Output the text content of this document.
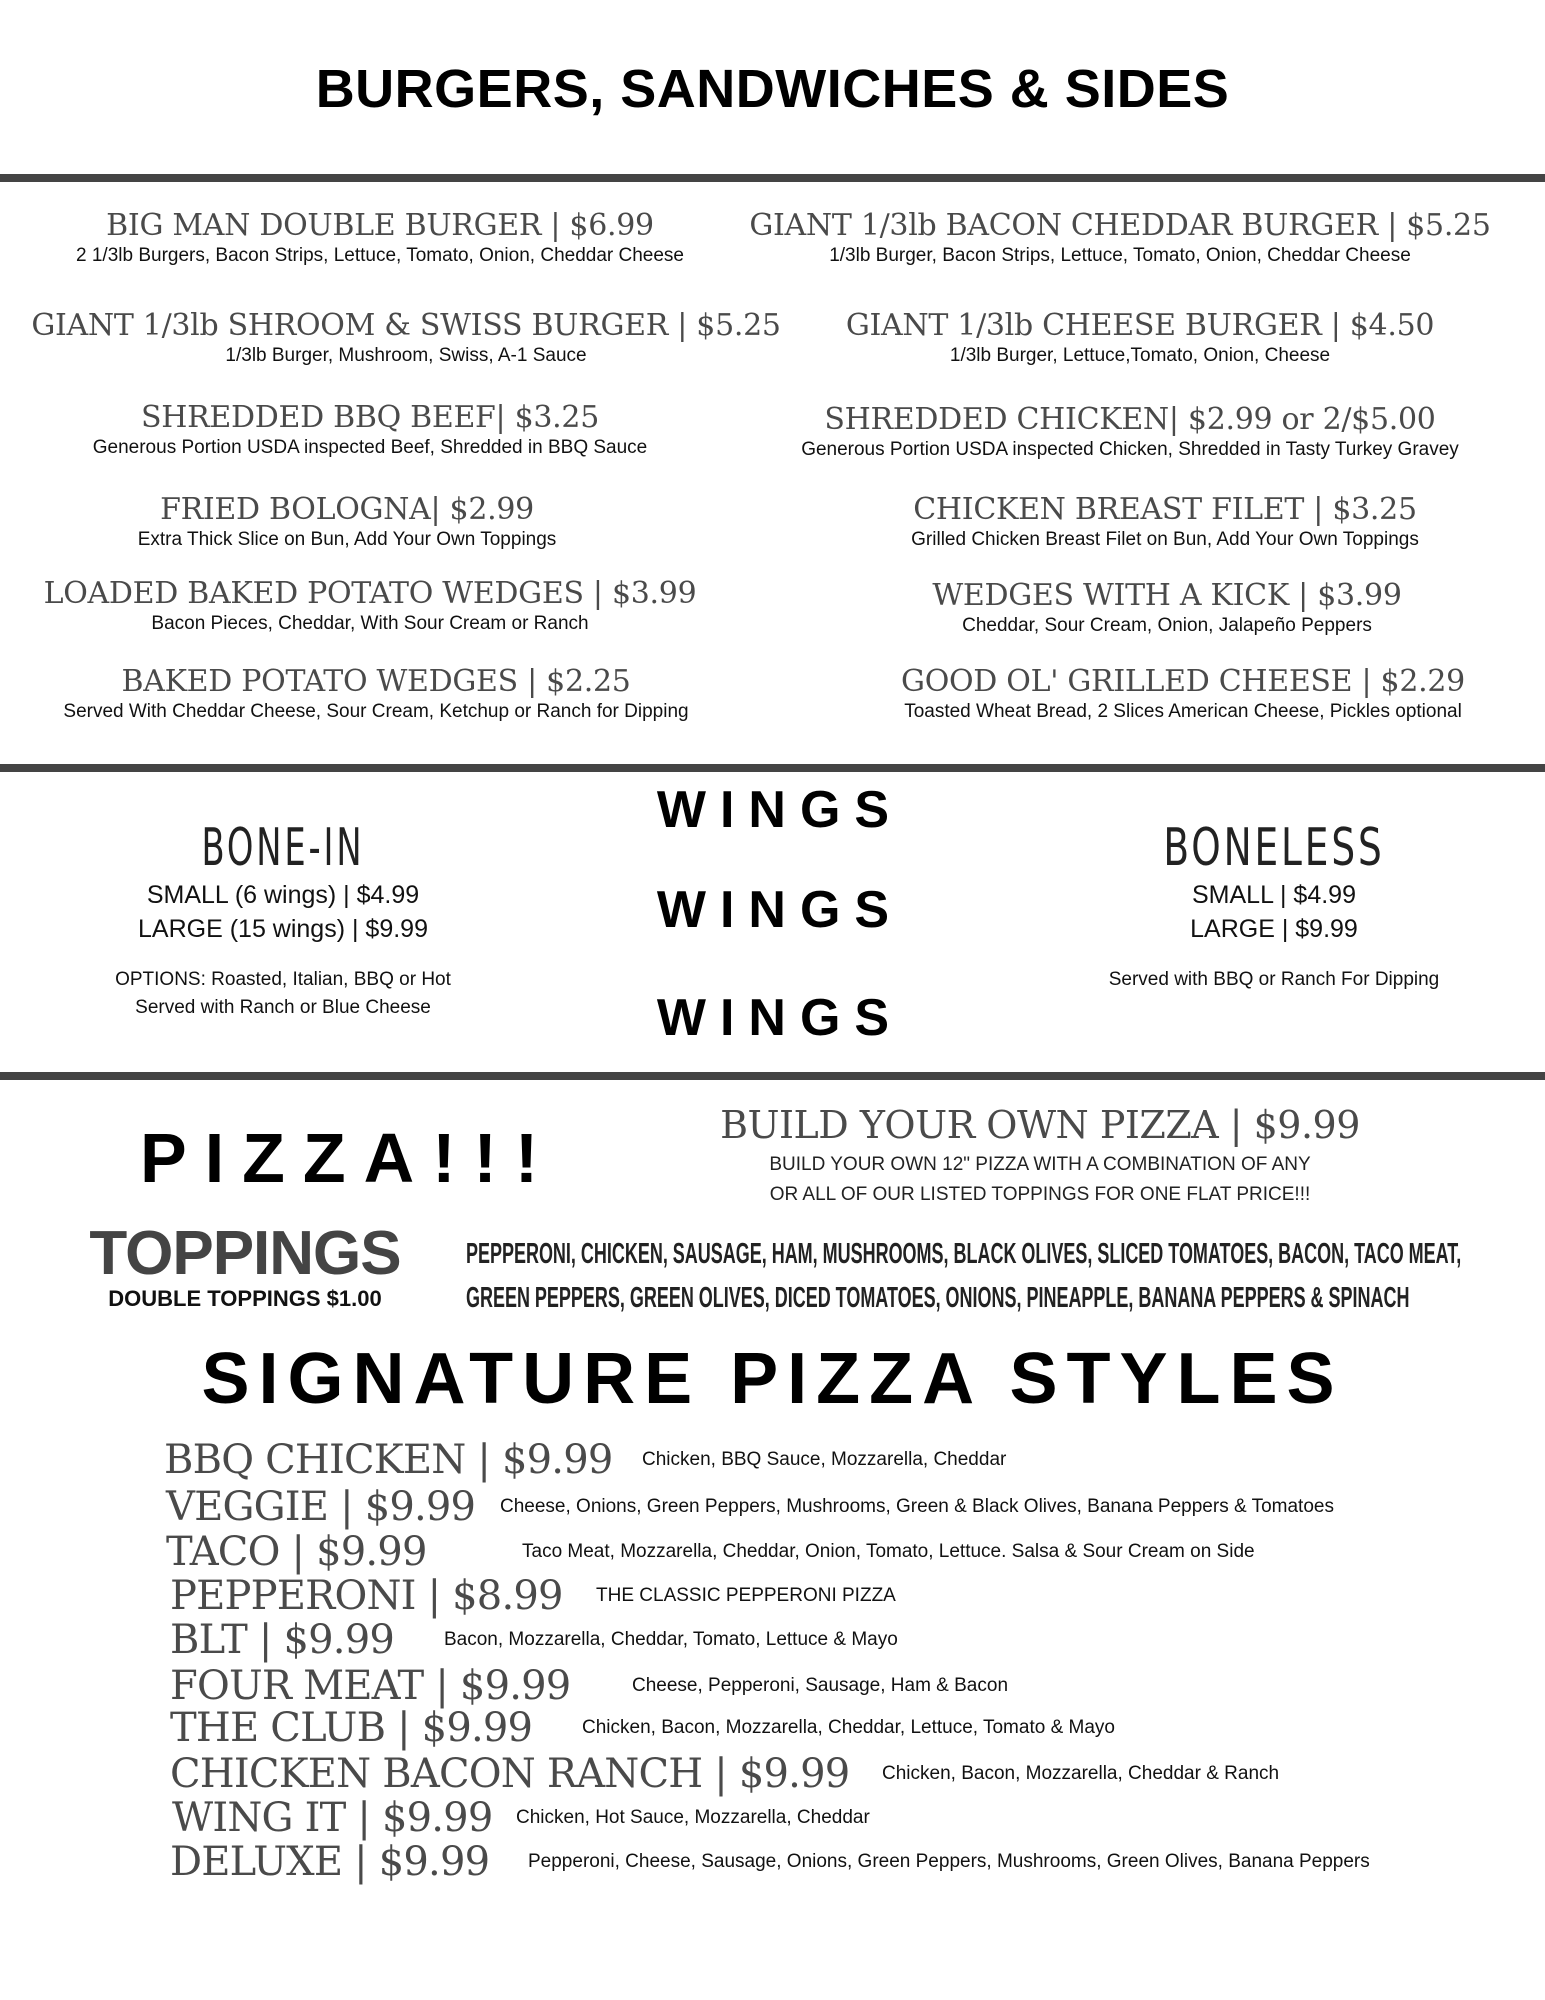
BURGERS, SANDWICHES & SIDES
BIG MAN DOUBLE BURGER | $6.99
2 1/3lb Burgers, Bacon Strips, Lettuce, Tomato, Onion, Cheddar Cheese
GIANT 1/3lb SHROOM & SWISS BURGER | $5.25
1/3lb Burger, Mushroom, Swiss, A-1 Sauce
SHREDDED BBQ BEEF| $3.25
Generous Portion USDA inspected Beef, Shredded in BBQ Sauce
FRIED BOLOGNA| $2.99
Extra Thick Slice on Bun, Add Your Own Toppings
LOADED BAKED POTATO WEDGES | $3.99
Bacon Pieces, Cheddar, With Sour Cream or Ranch
BAKED POTATO WEDGES | $2.25
Served With Cheddar Cheese, Sour Cream, Ketchup or Ranch for Dipping
GIANT 1/3lb BACON CHEDDAR BURGER | $5.25
1/3lb Burger, Bacon Strips, Lettuce, Tomato, Onion, Cheddar Cheese
GIANT 1/3lb CHEESE BURGER | $4.50
1/3lb Burger, Lettuce,Tomato, Onion, Cheese
SHREDDED CHICKEN| $2.99 or 2/$5.00
Generous Portion USDA inspected Chicken, Shredded in Tasty Turkey Gravey
CHICKEN BREAST FILET | $3.25
Grilled Chicken Breast Filet on Bun, Add Your Own Toppings
WEDGES WITH A KICK | $3.99
Cheddar, Sour Cream, Onion, Jalapeño Peppers
GOOD OL' GRILLED CHEESE | $2.29
Toasted Wheat Bread, 2 Slices American Cheese, Pickles optional
WINGS
WINGS
WINGS
BONE-IN
SMALL (6 wings) | $4.99
LARGE (15 wings) | $9.99
OPTIONS: Roasted, Italian, BBQ or Hot
Served with Ranch or Blue Cheese
BONELESS
SMALL | $4.99
LARGE | $9.99
Served with BBQ or Ranch For Dipping
PIZZA!!!	BUILD YOUR OWN PIZZA | $9.99
BUILD YOUR OWN 12" PIZZA WITH A COMBINATION OF ANY
OR ALL OF OUR LISTED TOPPINGS FOR ONE FLAT PRICE!!!
TOPPINGS
DOUBLE TOPPINGS $1.00
PEPPERONI, CHICKEN, SAUSAGE, HAM, MUSHROOMS, BLACK OLIVES, SLICED TOMATOES, BACON, TACO MEAT,
GREEN PEPPERS, GREEN OLIVES, DICED TOMATOES, ONIONS, PINEAPPLE, BANANA PEPPERS & SPINACH
SIGNATURE PIZZA STYLES
BBQ CHICKEN | $9.99 Chicken, BBQ Sauce, Mozzarella, Cheddar
VEGGIE | $9.99 Cheese, Onions, Green Peppers, Mushrooms, Green & Black Olives, Banana Peppers & Tomatoes
TACO | $9.99	Taco Meat, Mozzarella, Cheddar, Onion, Tomato, Lettuce. Salsa & Sour Cream on Side
PEPPERONI | $8.99 THE CLASSIC PEPPERONI PIZZA
BLT | $9.99	Bacon, Mozzarella, Cheddar, Tomato, Lettuce & Mayo
FOUR MEAT | $9.99	Cheese, Pepperoni, Sausage, Ham & Bacon
THE CLUB | $9.99	Chicken, Bacon, Mozzarella, Cheddar, Lettuce, Tomato & Mayo
CHICKEN BACON RANCH | $9.99 Chicken, Bacon, Mozzarella, Cheddar & Ranch
WING IT | $9.99 Chicken, Hot Sauce, Mozzarella, Cheddar
DELUXE | $9.99 Pepperoni, Cheese, Sausage, Onions, Green Peppers, Mushrooms, Green Olives, Banana Peppers
